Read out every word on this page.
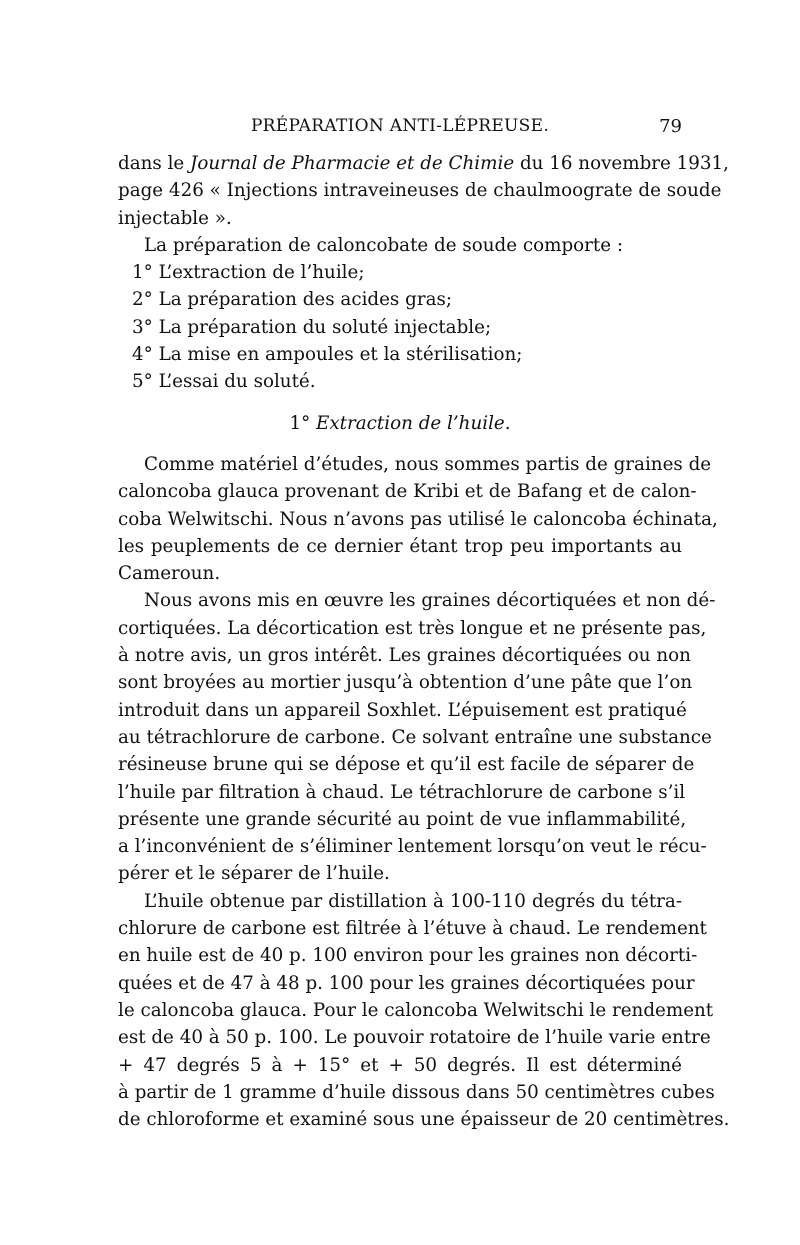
PRÉPARATION ANTI-LÉPREUSE.	79

dans le Journal de Pharmacie et de Chimie du 16 novembre 1931,
page 426 « Injections intraveineuses de chaulmoograte de soude
injectable ».

La préparation de caloncobate de soude comporte :

1° L’extraction de l’huile;
2° La préparation des acides gras;
3° La préparation du soluté injectable;
4° La mise en ampoules et la stérilisation;
5° L’essai du soluté.

1° Extraction de l’huile.

Comme matériel d’études, nous sommes partis de graines de
caloncoba glauca provenant de Kribi et de Bafang et de calon-
coba Welwitschi. Nous n’avons pas utilisé le caloncoba échinata,
les peuplements de ce dernier étant trop peu importants au
Cameroun.

Nous avons mis en œuvre les graines décortiquées et non dé-
cortiquées. La décortication est très longue et ne présente pas,
à notre avis, un gros intérêt. Les graines décortiquées ou non
sont broyées au mortier jusqu’à obtention d’une pâte que l’on
introduit dans un appareil Soxhlet. L’épuisement est pratiqué
au tétrachlorure de carbone. Ce solvant entraîne une substance
résineuse brune qui se dépose et qu’il est facile de séparer de
l’huile par filtration à chaud. Le tétrachlorure de carbone s’il
présente une grande sécurité au point de vue inflammabilité,
a l’inconvénient de s’éliminer lentement lorsqu’on veut le récu-
pérer et le séparer de l’huile.

L’huile obtenue par distillation à 100-110 degrés du tétra-
chlorure de carbone est filtrée à l’étuve à chaud. Le rendement
en huile est de 40 p. 100 environ pour les graines non décorti-
quées et de 47 à 48 p. 100 pour les graines décortiquées pour
le caloncoba glauca. Pour le caloncoba Welwitschi le rendement
est de 40 à 50 p. 100. Le pouvoir rotatoire de l’huile varie entre
+ 47 degrés 5 à + 15° et + 50 degrés. Il est déterminé
à partir de 1 gramme d’huile dissous dans 50 centimètres cubes
de chloroforme et examiné sous une épaisseur de 20 centimètres.
